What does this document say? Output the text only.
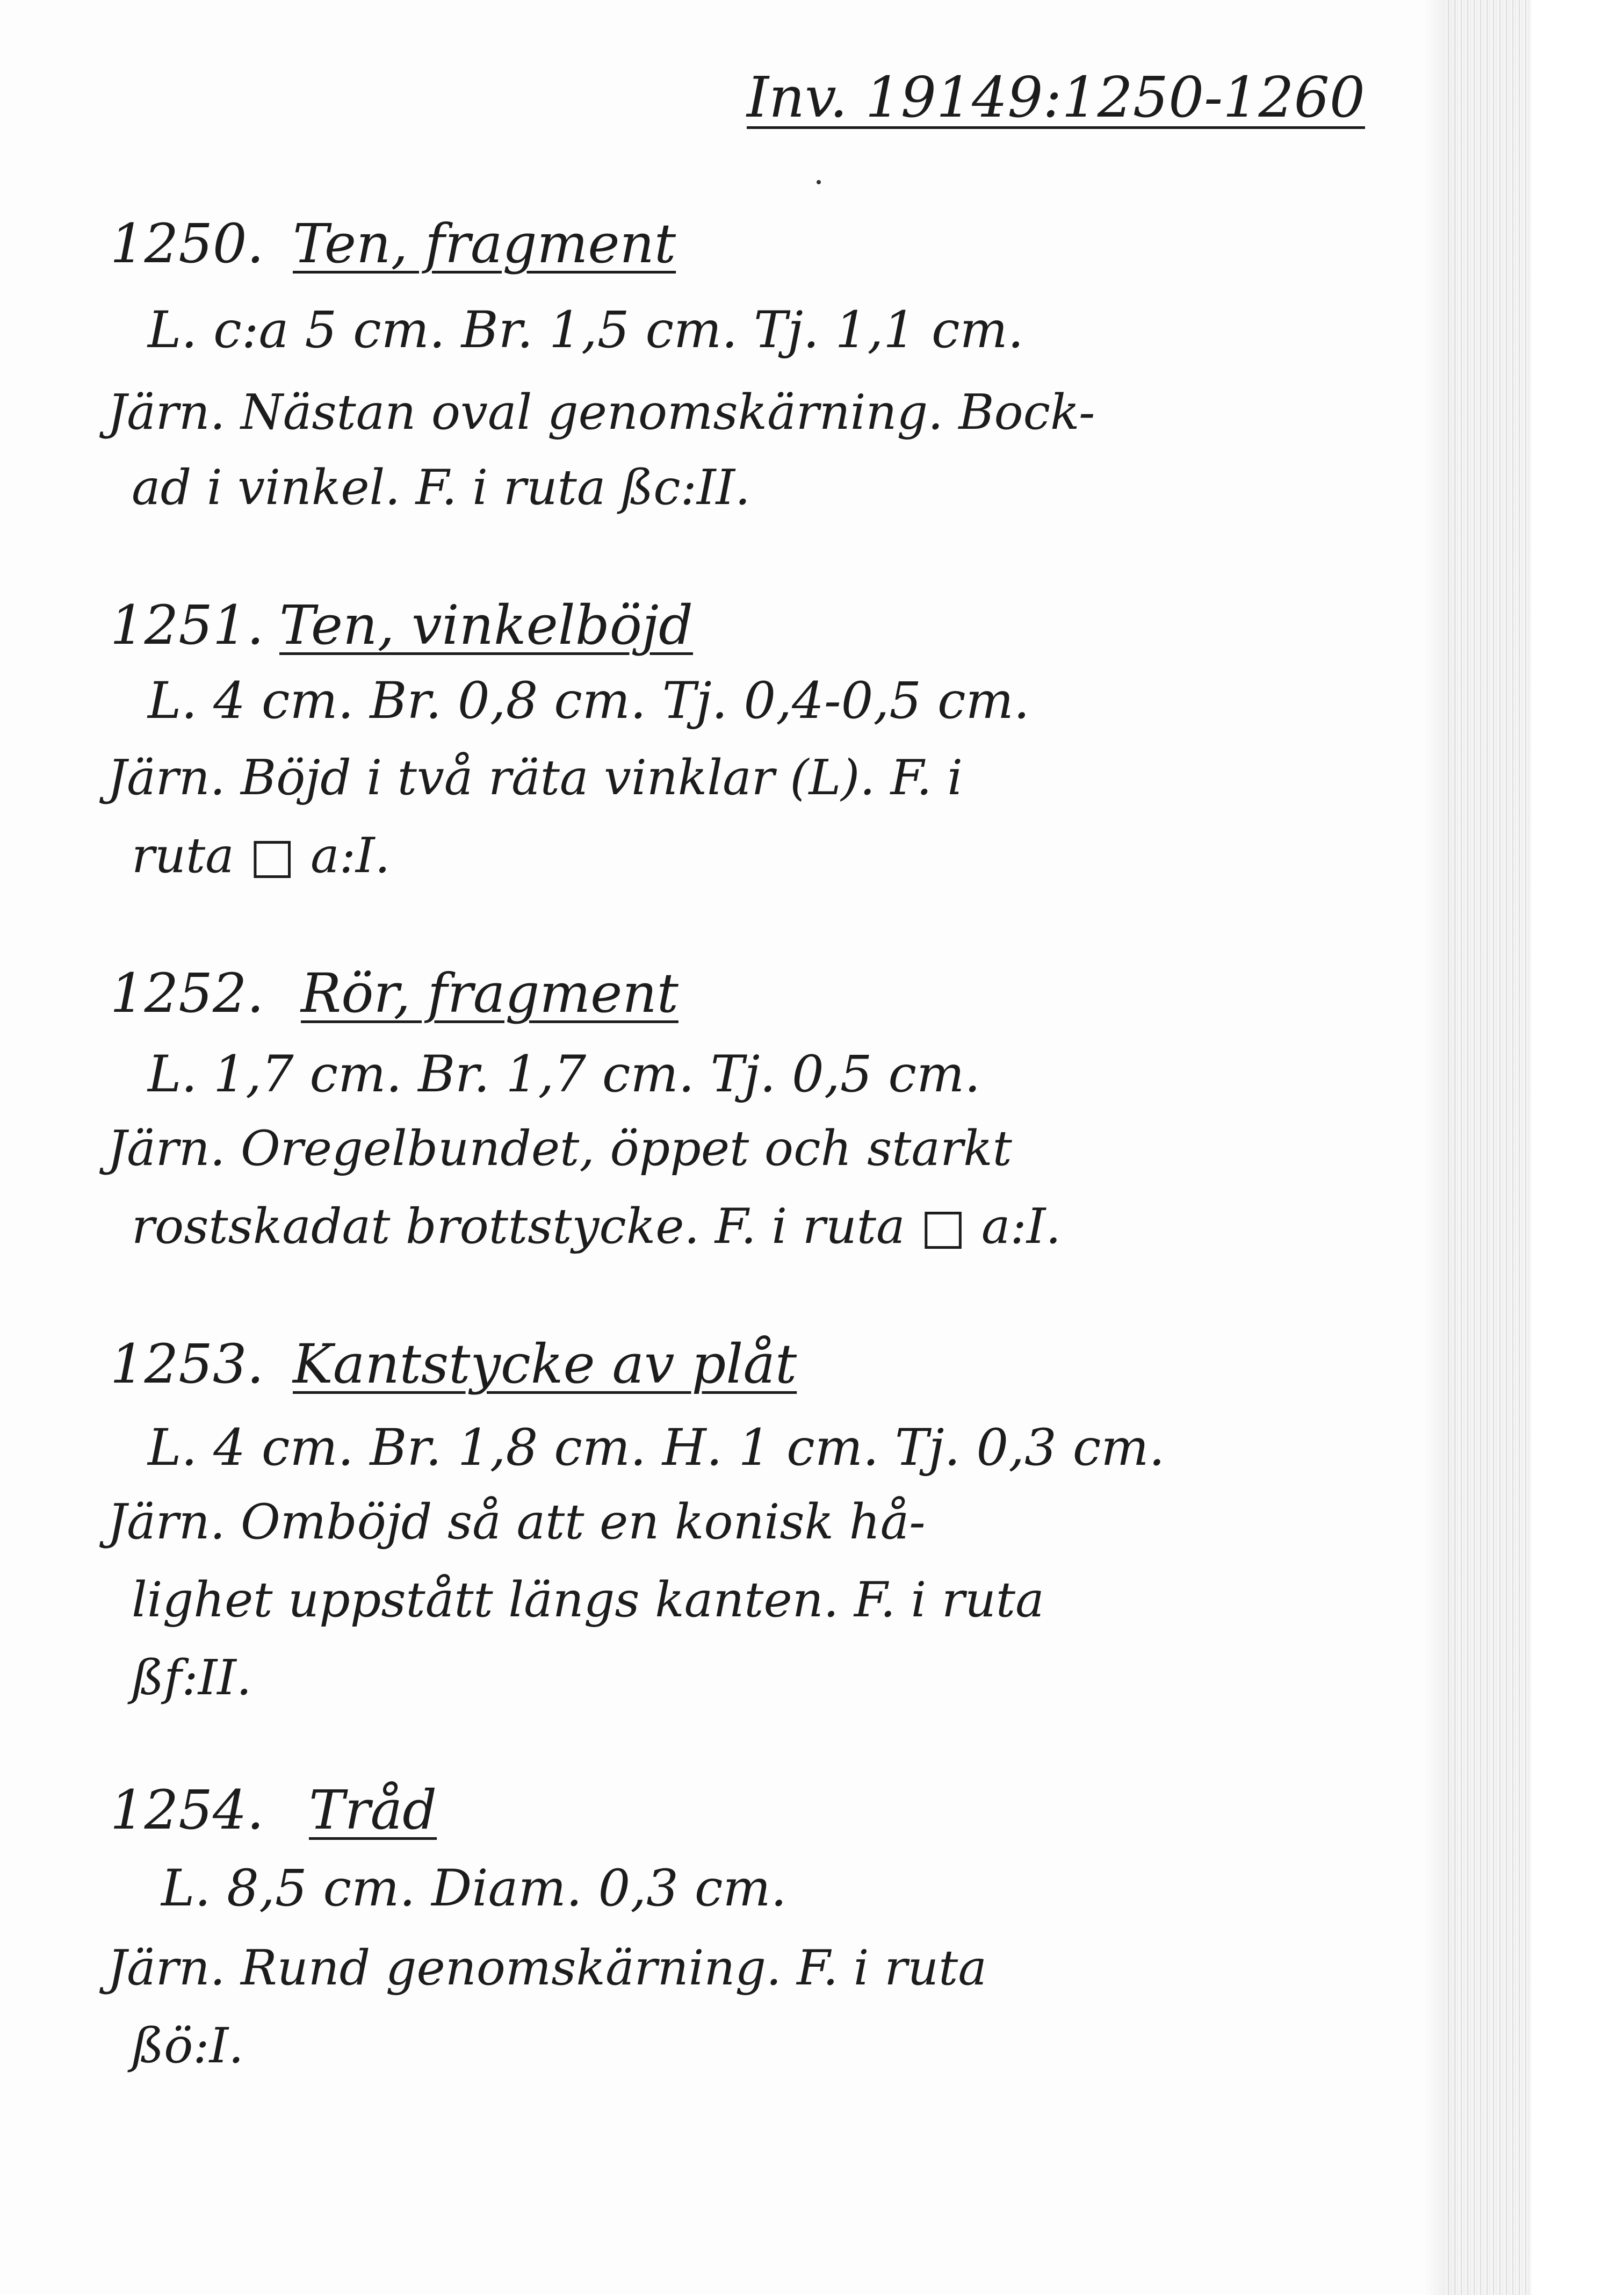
Inv. 19149:1250-1260
1250. Ten, fragment
L. c:a 5 cm. Br. 1,5 cm. Tj. 1,1 cm.
Järn. Nästan oval genomskärning. Bock-
ad i vinkel. F. i ruta ßc:II.
1251. Ten, vinkelböjd
L. 4 cm. Br. 0,8 cm. Tj. 0,4-0,5 cm.
Järn. Böjd i två räta vinklar (L). F. i
ruta □ a:I.
1252. Rör, fragment
L. 1,7 cm. Br. 1,7 cm. Tj. 0,5 cm.
Järn. Oregelbundet, öppet och starkt
rostskadat brottstycke. F. i ruta □ a:I.
1253. Kantstycke av plåt
L. 4 cm. Br. 1,8 cm. H. 1 cm. Tj. 0,3 cm.
Järn. Omböjd så att en konisk hå-
lighet uppstått längs kanten. F. i ruta
ßf:II.
1254. Tråd
L. 8,5 cm. Diam. 0,3 cm.
Järn. Rund genomskärning. F. i ruta
ßö:I.
